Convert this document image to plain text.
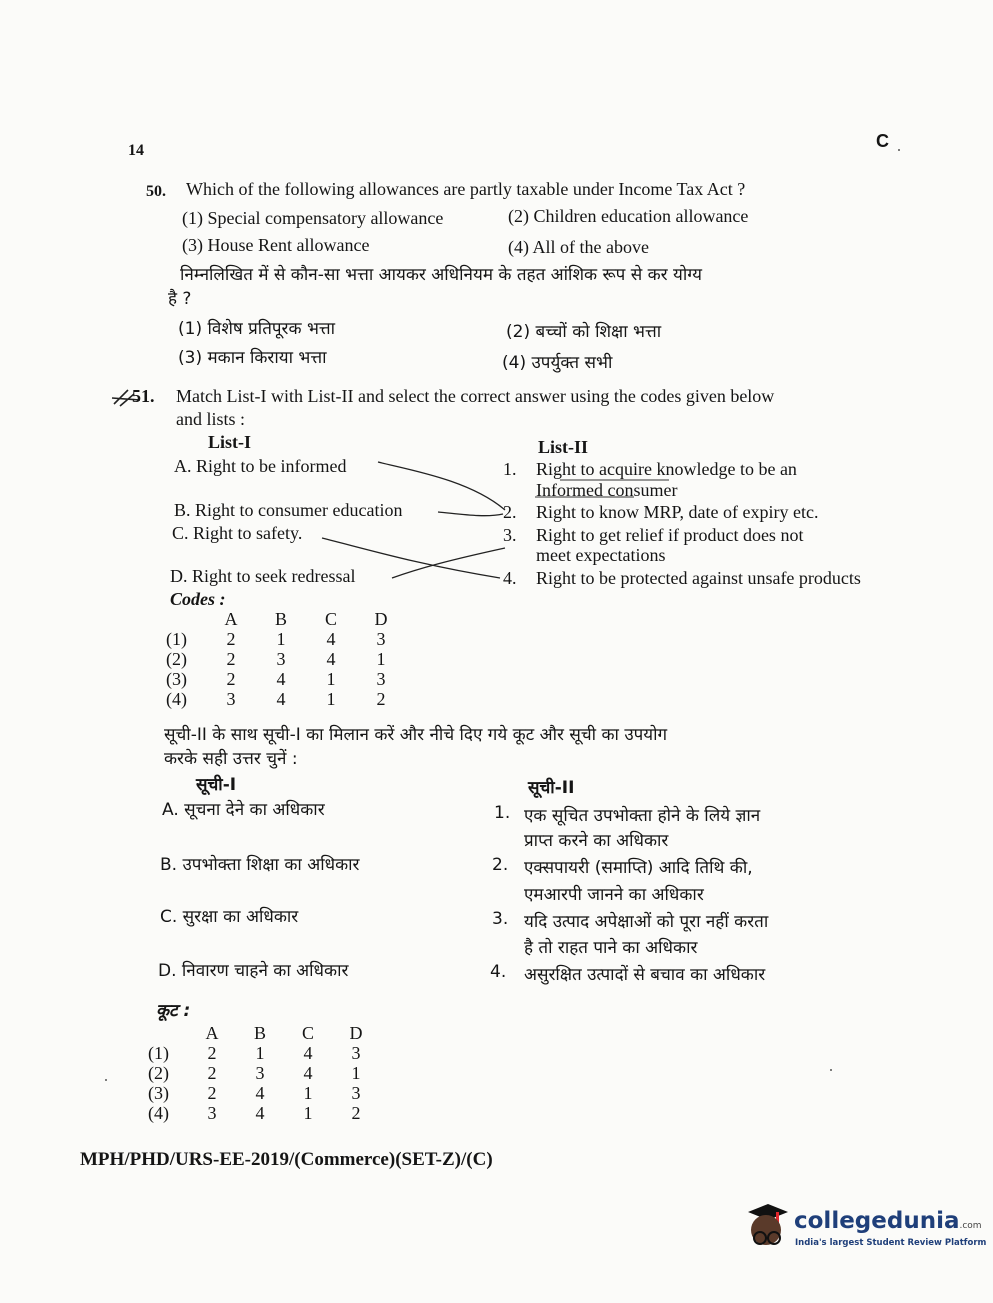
14	C
50. Which of the following allowances are partly taxable under Income Tax Act ?
(1) Special compensatory allowance	(2) Children education allowance
(3) House Rent allowance	(4) All of the above
निम्नलिखित में से कौन-सा भत्ता आयकर अधिनियम के तहत आंशिक रूप से कर योग्य
है ?
(1) विशेष प्रतिपूरक भत्ता	(2) बच्चों को शिक्षा भत्ता
(3) मकान किराया भत्ता	(4) उपर्युक्त सभी
51. Match List-I with List-II and select the correct answer using the codes given below
and lists :
List-I	List-II
A. Right to be informed
B. Right to consumer education
C. Right to safety.
D. Right to seek redressal
1. Right to acquire knowledge to be an
Informed consumer
2. Right to know MRP, date of expiry etc.
3. Right to get relief if product does not
meet expectations
4. Right to be protected against unsafe products
Codes :
	A	B	C	D
(1)	2	1	4	3
(2)	2	3	4	1
(3)	2	4	1	3
(4)	3	4	1	2
सूची-II के साथ सूची-I का मिलान करें और नीचे दिए गये कूट और सूची का उपयोग
करके सही उत्तर चुनें :
सूची-I	सूची-II
A. सूचना देने का अधिकार
B. उपभोक्ता शिक्षा का अधिकार
C. सुरक्षा का अधिकार
D. निवारण चाहने का अधिकार
1. एक सूचित उपभोक्ता होने के लिये ज्ञान
प्राप्त करने का अधिकार
2. एक्सपायरी (समाप्ति) आदि तिथि की,
एमआरपी जानने का अधिकार
3. यदि उत्पाद अपेक्षाओं को पूरा नहीं करता
है तो राहत पाने का अधिकार
4. असुरक्षित उत्पादों से बचाव का अधिकार
कूट :
	A	B	C	D
(1)	2	1	4	3
(2)	2	3	4	1
(3)	2	4	1	3
(4)	3	4	1	2
MPH/PHD/URS-EE-2019/(Commerce)(SET-Z)/(C)
collegedunia.com
India's largest Student Review Platform
